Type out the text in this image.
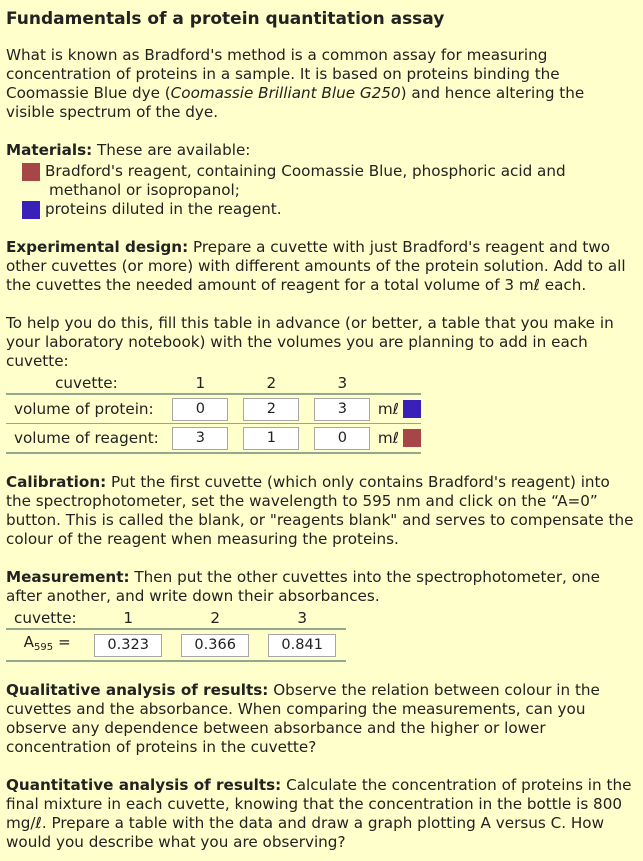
Fundamentals of a protein quantitation assay
What is known as Bradford's method is a common assay for measuring concentration of proteins in a sample. It is based on proteins binding the Coomassie Blue dye (Coomassie Brilliant Blue G250) and hence altering the visible spectrum of the dye.
Materials: These are available:
Bradford's reagent, containing Coomassie Blue, phosphoric acid and
methanol or isopropanol;
proteins diluted in the reagent.
Experimental design: Prepare a cuvette with just Bradford's reagent and two other cuvettes (or more) with different amounts of the protein solution. Add to all the cuvettes the needed amount of reagent for a total volume of 3 mℓ each.

To help you do this, fill this table in advance (or better, a table that you make in your laboratory notebook) with the volumes you are planning to add in each cuvette:

cuvette:	1	2	3	
volume of protein:	0	2	3	mℓ
volume of reagent:	3	1	0	mℓ
Calibration: Put the first cuvette (which only contains Bradford's reagent) into the spectrophotometer, set the wavelength to 595 nm and click on the “A=0” button. This is called the blank, or "reagents blank" and serves to compensate the colour of the reagent when measuring the proteins.
Measurement: Then put the other cuvettes into the spectrophotometer, one after another, and write down their absorbances.
cuvette:	1	2	3
$A_{595}$ =	0.323	0.366	0.841
Qualitative analysis of results: Observe the relation between colour in the cuvettes and the absorbance. When comparing the measurements, can you observe any dependence between absorbance and the higher or lower concentration of proteins in the cuvette?
Quantitative analysis of results: Calculate the concentration of proteins in the final mixture in each cuvette, knowing that the concentration in the bottle is 800 mg/ℓ. Prepare a table with the data and draw a graph plotting A versus C. How would you describe what you are observing?
